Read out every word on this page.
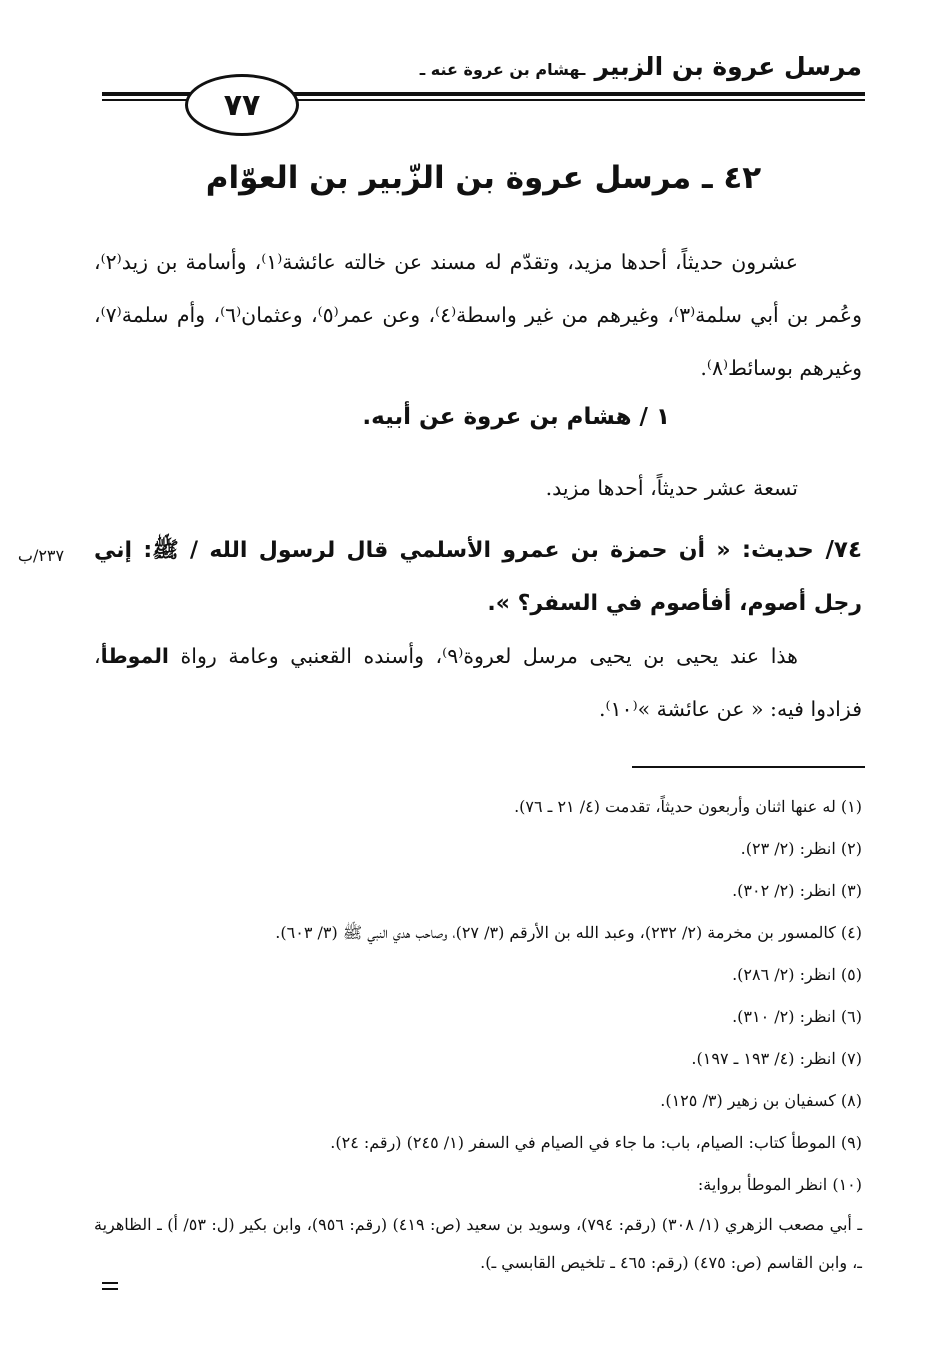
مرسل عروة بن الزبير ـهشام بن عروة عنه ـ
٧٧
٤٢ ـ مرسل عروة بن الزّبير بن العوّام
عشرون حديثاً، أحدها مزيد، وتقدّم له مسند عن خالته عائشة⁽١⁾، وأسامة بن زيد⁽٢⁾، وعُمر بن أبي سلمة⁽٣⁾، وغيرهم من غير واسطة⁽٤⁾، وعن عمر⁽٥⁾، وعثمان⁽٦⁾، وأم سلمة⁽٧⁾، وغيرهم بوسائط⁽٨⁾.
١ / هشام بن عروة عن أبيه.
تسعة عشر حديثاً، أحدها مزيد.
٧٤/ حديث: « أن حمزة بن عمرو الأسلمي قال لرسول الله / ﷺ: إني رجل أصوم، أفأصوم في السفر؟ ».
٢٣٧/ب
هذا عند يحيى بن يحيى مرسل لعروة⁽٩⁾، وأسنده القعنبي وعامة رواة الموطأ، فزادوا فيه: « عن عائشة »⁽١٠⁾.
(١) له عنها اثنان وأربعون حديثاً، تقدمت (٤/ ٢١ ـ ٧٦).
(٢) انظر: (٢/ ٢٣).
(٣) انظر: (٢/ ٣٠٢).
(٤) كالمسور بن مخرمة (٢/ ٢٣٢)، وعبد الله بن الأرقم (٣/ ٢٧)، وصاحب هدي النبي ﷺ (٣/ ٦٠٣).
(٥) انظر: (٢/ ٢٨٦).
(٦) انظر: (٢/ ٣١٠).
(٧) انظر: (٤/ ١٩٣ ـ ١٩٧).
(٨) كسفيان بن زهير (٣/ ١٢٥).
(٩) الموطأ كتاب: الصيام، باب: ما جاء في الصيام في السفر (١/ ٢٤٥) (رقم: ٢٤).
(١٠) انظر الموطأ برواية:
ـ أبي مصعب الزهري (١/ ٣٠٨) (رقم: ٧٩٤)، وسويد بن سعيد (ص: ٤١٩) (رقم: ٩٥٦)، وابن بكير (ل: ٥٣/ أ) ـ الظاهرية ـ، وابن القاسم (ص: ٤٧٥) (رقم: ٤٦٥ ـ تلخيص القابسي ـ).
